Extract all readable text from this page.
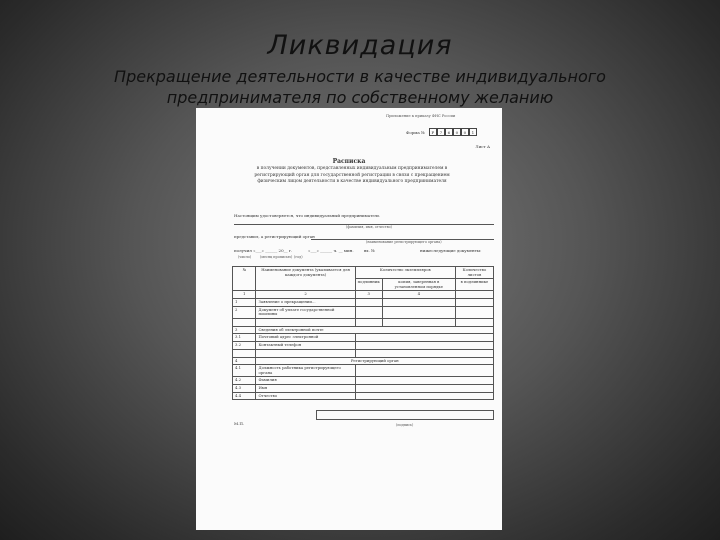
Ликвидация
Прекращение деятельности в качестве индивидуального
предпринимателя по собственному желанию
Приложение к приказу ФНС России
Форма №	Р	7	6	0	0	1
Лист А
Расписка
в получении документов, представленных индивидуальным предпринимателем в регистрирующий орган для государственной регистрации в связи с прекращением физическим лицом деятельности в качестве индивидуального предпринимателя
Настоящим удостоверяется, что индивидуальный предприниматель
(фамилия, имя, отчество)
представил, а регистрирующий орган
(наименование регистрирующего органа)
получил «___» ______ 20__ г.	«___» ______ ч. __ мин.	вх. №	нижеследующие документы:
(число)	(месяц прописью) (год)
№	Наименование документа (указывается для каждого документа)	Количество экземпляров		Количество листов
		подлинник	копия, заверенная в установленном порядке	в подлиннике
1	2	3	4	
1	Заявление о прекращении...			
2	Документ об уплате государственной пошлины			

3	Сведения об электронной почте			
3.1	Почтовый адрес электронной			
3.2	Контактный телефон			

4	Регистрирующий орган			
4.1	Должность работника регистрирующего органа			
4.2	Фамилия			
4.3	Имя			
4.4	Отчество			
М.П.	(подпись)
